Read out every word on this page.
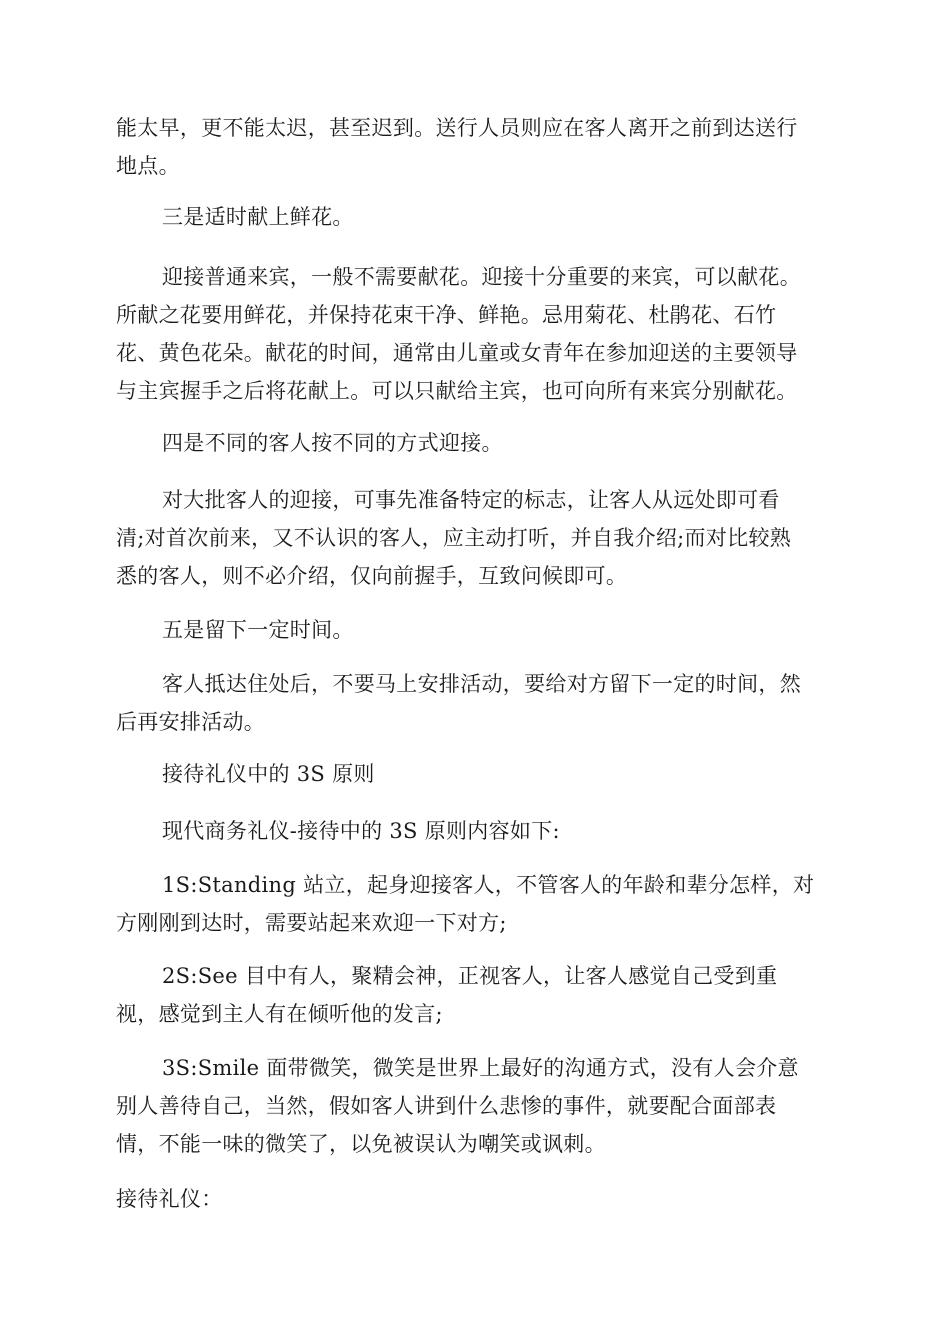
能太早，更不能太迟，甚至迟到。送行人员则应在客人离开之前到达送行
地点。
三是适时献上鲜花。
迎接普通来宾，一般不需要献花。迎接十分重要的来宾，可以献花。
所献之花要用鲜花，并保持花束干净、鲜艳。忌用菊花、杜鹃花、石竹
花、黄色花朵。献花的时间，通常由儿童或女青年在参加迎送的主要领导
与主宾握手之后将花献上。可以只献给主宾，也可向所有来宾分别献花。
四是不同的客人按不同的方式迎接。
对大批客人的迎接，可事先准备特定的标志，让客人从远处即可看
清;对首次前来，又不认识的客人，应主动打听，并自我介绍;而对比较熟
悉的客人，则不必介绍，仅向前握手，互致问候即可。
五是留下一定时间。
客人抵达住处后，不要马上安排活动，要给对方留下一定的时间，然
后再安排活动。
接待礼仪中的 3S 原则
现代商务礼仪-接待中的 3S 原则内容如下:
1S:Standing 站立，起身迎接客人，不管客人的年龄和辈分怎样，对
方刚刚到达时，需要站起来欢迎一下对方;
2S:See 目中有人，聚精会神，正视客人，让客人感觉自己受到重
视，感觉到主人有在倾听他的发言;
3S:Smile 面带微笑，微笑是世界上最好的沟通方式，没有人会介意
别人善待自己，当然，假如客人讲到什么悲惨的事件，就要配合面部表
情，不能一味的微笑了，以免被误认为嘲笑或讽刺。
接待礼仪：
